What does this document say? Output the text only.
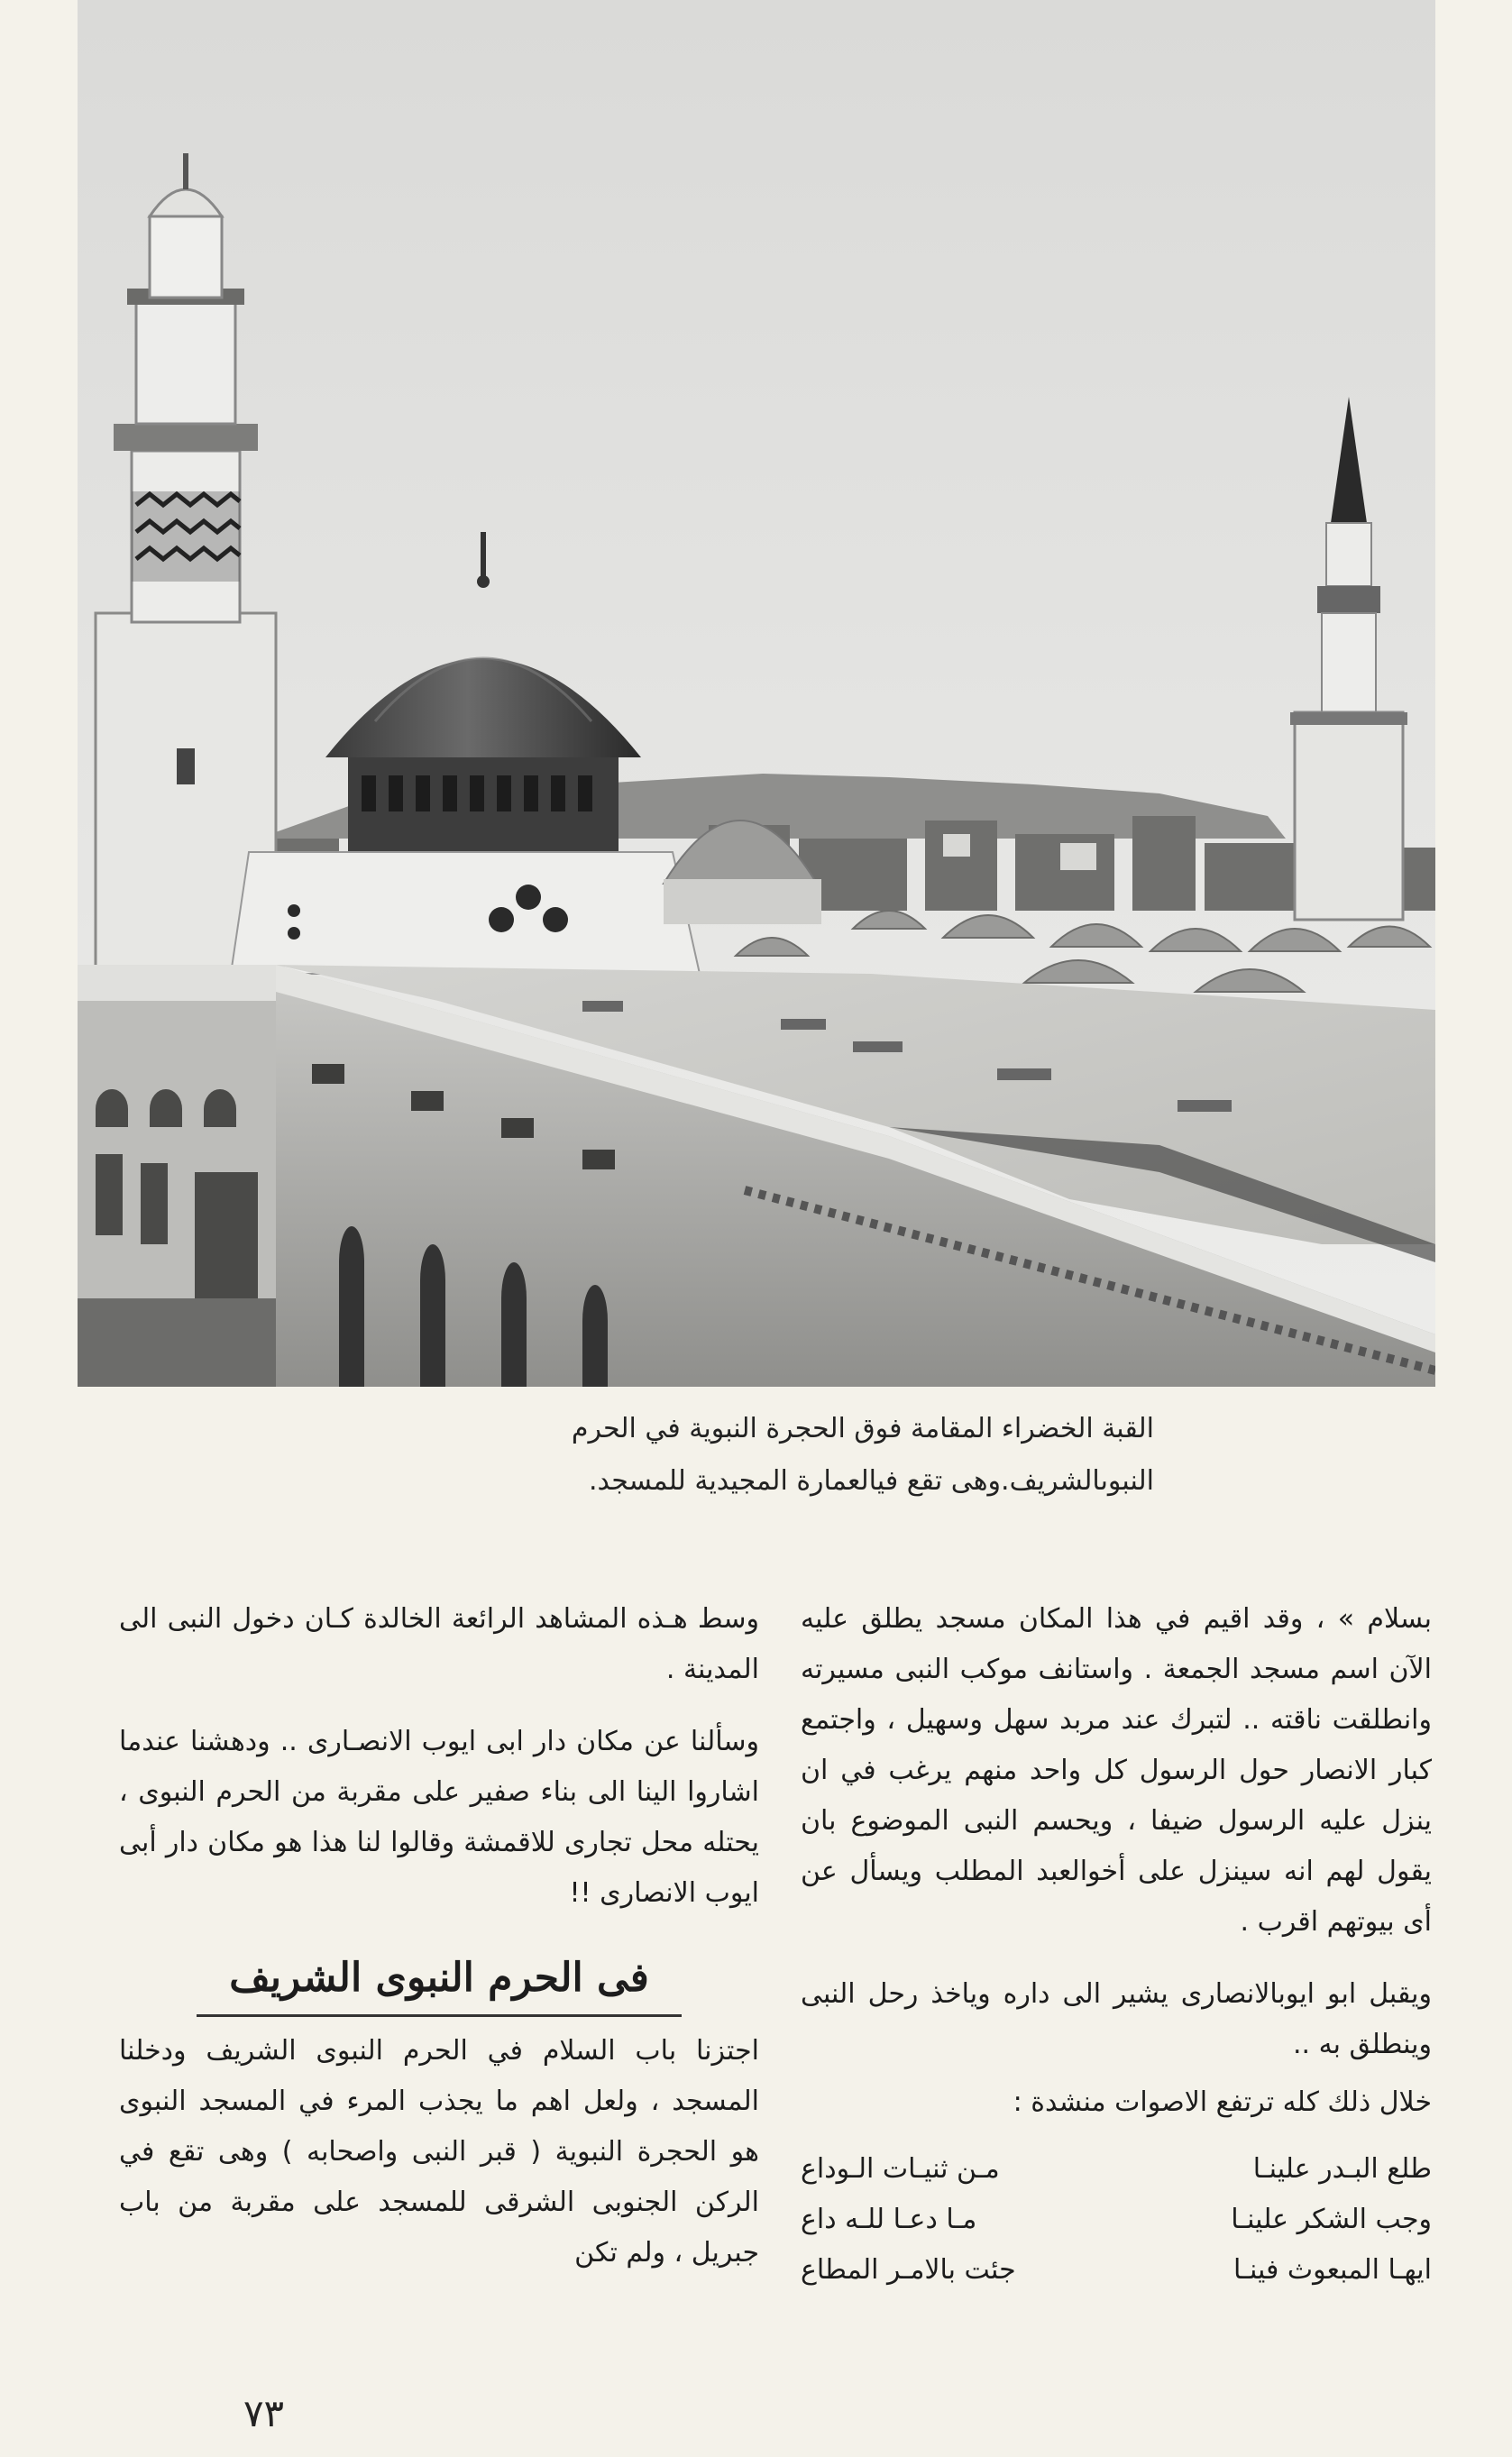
القبة الخضراء المقامة فوق الحجرة النبوية في الحرم

النبوىالشريف.وهى تقع فيالعمارة المجيدية للمسجد.

بسلام » ، وقد اقيم في هذا المكان مسجد يطلق عليه الآن اسم مسجد الجمعة . واستانف موكب النبى مسيرته وانطلقت ناقته .. لتبرك عند مربد سهل وسهيل ، واجتمع كبار الانصار حول الرسول كل واحد منهم يرغب في ان ينزل عليه الرسول ضيفا ، ويحسم النبى الموضوع بان يقول لهم انه سينزل على أخوالعبد المطلب ويسأل عن أى بيوتهم اقرب .

ويقبل ابو ايوبالانصارى يشير الى داره وياخذ رحل النبى وينطلق به ..

خلال ذلك كله ترتفع الاصوات منشدة :

طلع البـدر علينـا
مـن ثنيـات الـوداع
وجب الشكر علينـا
مـا دعـا للـه داع
ايهـا المبعوث فينـا
جئت بالامـر المطاع

وسط هـذه المشاهد الرائعة الخالدة كـان دخول النبى الى المدينة .

وسألنا عن مكان دار ابى ايوب الانصـارى .. ودهشنا عندما اشاروا الينا الى بناء صفير على مقربة من الحرم النبوى ، يحتله محل تجارى للاقمشة وقالوا لنا هذا هو مكان دار أبى ايوب الانصارى !!

فى الحرم النبوى الشريف

اجتزنا باب السلام في الحرم النبوى الشريف ودخلنا المسجد ، ولعل اهم ما يجذب المرء في المسجد النبوى هو الحجرة النبوية ( قبر النبى واصحابه ) وهى تقع في الركن الجنوبى الشرقى للمسجد على مقربة من باب جبريل ، ولم تكن

٧٣
